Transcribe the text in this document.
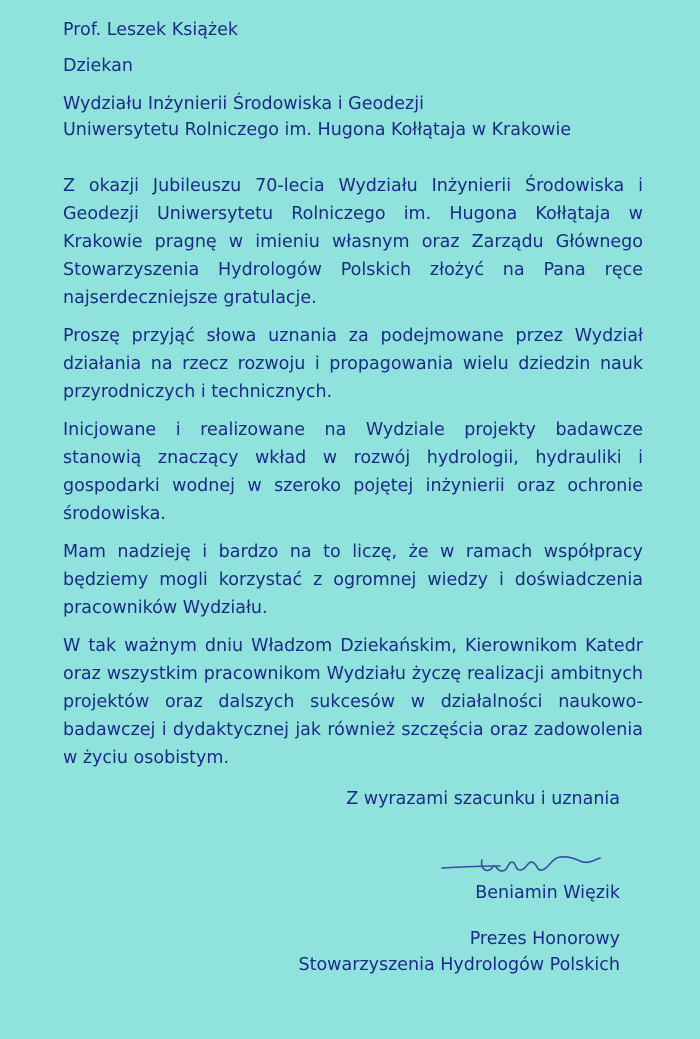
Prof. Leszek Książek
Dziekan
Wydziału Inżynierii Środowiska i Geodezji
Uniwersytetu Rolniczego im. Hugona Kołłątaja w Krakowie

Z okazji Jubileuszu 70-lecia Wydziału Inżynierii Środowiska i Geodezji Uniwersytetu Rolniczego im. Hugona Kołłątaja w Krakowie pragnę w imieniu własnym oraz Zarządu Głównego Stowarzyszenia Hydrologów Polskich złożyć na Pana ręce najserdeczniejsze gratulacje.

Proszę przyjąć słowa uznania za podejmowane przez Wydział działania na rzecz rozwoju i propagowania wielu dziedzin nauk przyrodniczych i technicznych.

Inicjowane i realizowane na Wydziale projekty badawcze stanowią znaczący wkład w rozwój hydrologii, hydrauliki i gospodarki wodnej w szeroko pojętej inżynierii oraz ochronie środowiska.

Mam nadzieję i bardzo na to liczę, że w ramach współpracy będziemy mogli korzystać z ogromnej wiedzy i doświadczenia pracowników Wydziału.

W tak ważnym dniu Władzom Dziekańskim, Kierownikom Katedr oraz wszystkim pracownikom Wydziału życzę realizacji ambitnych projektów oraz dalszych sukcesów w działalności naukowo-badawczej i dydaktycznej jak również szczęścia oraz zadowolenia w życiu osobistym.

Z wyrazami szacunku i uznania
Beniamin Więzik
Prezes Honorowy
Stowarzyszenia Hydrologów Polskich
